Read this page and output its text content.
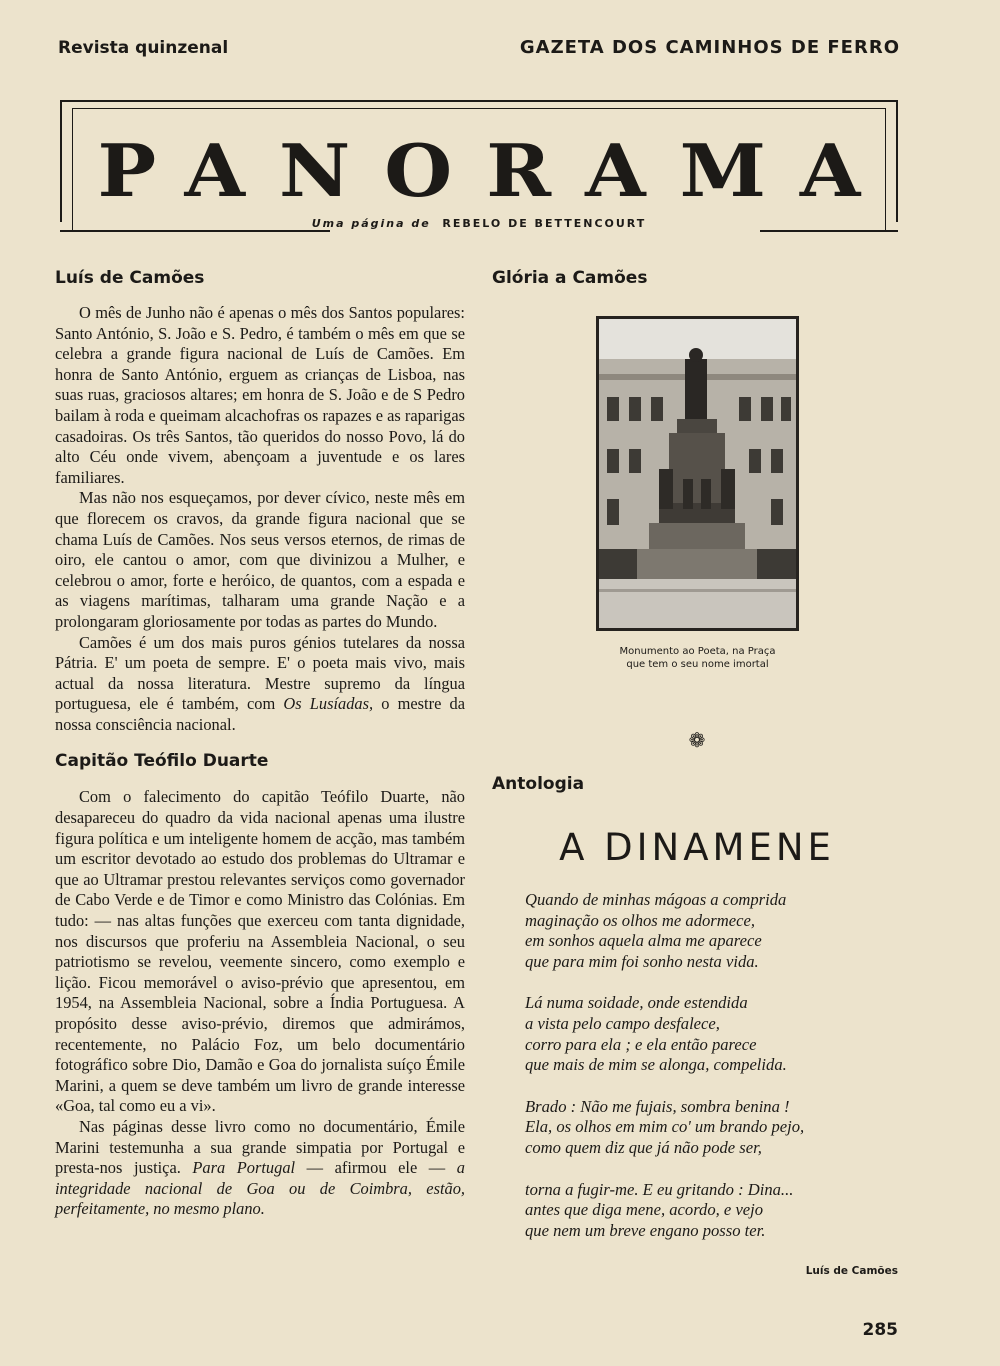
Revista quinzenal	GAZETA DOS CAMINHOS DE FERRO
PANORAMA
Uma página de REBELO DE BETTENCOURT
Luís de Camões

O mês de Junho não é apenas o mês dos Santos populares: Santo António, S. João e S. Pedro, é também o mês em que se celebra a grande figura nacional de Luís de Camões. Em honra de Santo António, erguem as crianças de Lisboa, nas suas ruas, graciosos altares; em honra de S. João e de S Pedro bailam à roda e queimam alcachofras os rapazes e as raparigas casadoiras. Os três Santos, tão queridos do nosso Povo, lá do alto Céu onde vivem, abençoam a juventude e os lares familiares.

Mas não nos esqueçamos, por dever cívico, neste mês em que florecem os cravos, da grande figura nacional que se chama Luís de Camões. Nos seus versos eternos, de rimas de oiro, ele cantou o amor, com que divinizou a Mulher, e celebrou o amor, forte e heróico, de quantos, com a espada e as viagens marítimas, talharam uma grande Nação e a prolongaram gloriosamente por todas as partes do Mundo.

Camões é um dos mais puros génios tutelares da nossa Pátria. E' um poeta de sempre. E' o poeta mais vivo, mais actual da nossa literatura. Mestre supremo da língua portuguesa, ele é também, com Os Lusíadas, o mestre da nossa consciência nacional.

Capitão Teófilo Duarte

Com o falecimento do capitão Teófilo Duarte, não desapareceu do quadro da vida nacional apenas uma ilustre figura política e um inteligente homem de acção, mas também um escritor devotado ao estudo dos problemas do Ultramar e que ao Ultramar prestou relevantes serviços como governador de Cabo Verde e de Timor e como Ministro das Colónias. Em tudo: — nas altas funções que exerceu com tanta dignidade, nos discursos que proferiu na Assembleia Nacional, o seu patriotismo se revelou, veemente sincero, como exemplo e lição. Ficou memorável o aviso-prévio que apresentou, em 1954, na Assembleia Nacional, sobre a Índia Portuguesa. A propósito desse aviso-prévio, diremos que admirámos, recentemente, no Palácio Foz, um belo documentário fotográfico sobre Dio, Damão e Goa do jornalista suíço Émile Marini, a quem se deve também um livro de grande interesse «Goa, tal como eu a vi».

Nas páginas desse livro como no documentário, Émile Marini testemunha a sua grande simpatia por Portugal e presta-nos justiça. Para Portugal — afirmou ele — a integridade nacional de Goa ou de Coimbra, estão, perfeitamente, no mesmo plano.

Glória a Camões
Antologia
Monumento ao Poeta, na Praça
que tem o seu nome imortal
❁
A DINAMENE
Quando de minhas mágoas a comprida
maginação os olhos me adormece,
em sonhos aquela alma me aparece
que para mim foi sonho nesta vida.
Lá numa soidade, onde estendida
a vista pelo campo desfalece,
corro para ela ; e ela então parece
que mais de mim se alonga, compelida.
Brado : Não me fujais, sombra benina !
Ela, os olhos em mim co' um brando pejo,
como quem diz que já não pode ser,
torna a fugir-me. E eu gritando : Dina...
antes que diga mene, acordo, e vejo
que nem um breve engano posso ter.
Luís de Camões
285
